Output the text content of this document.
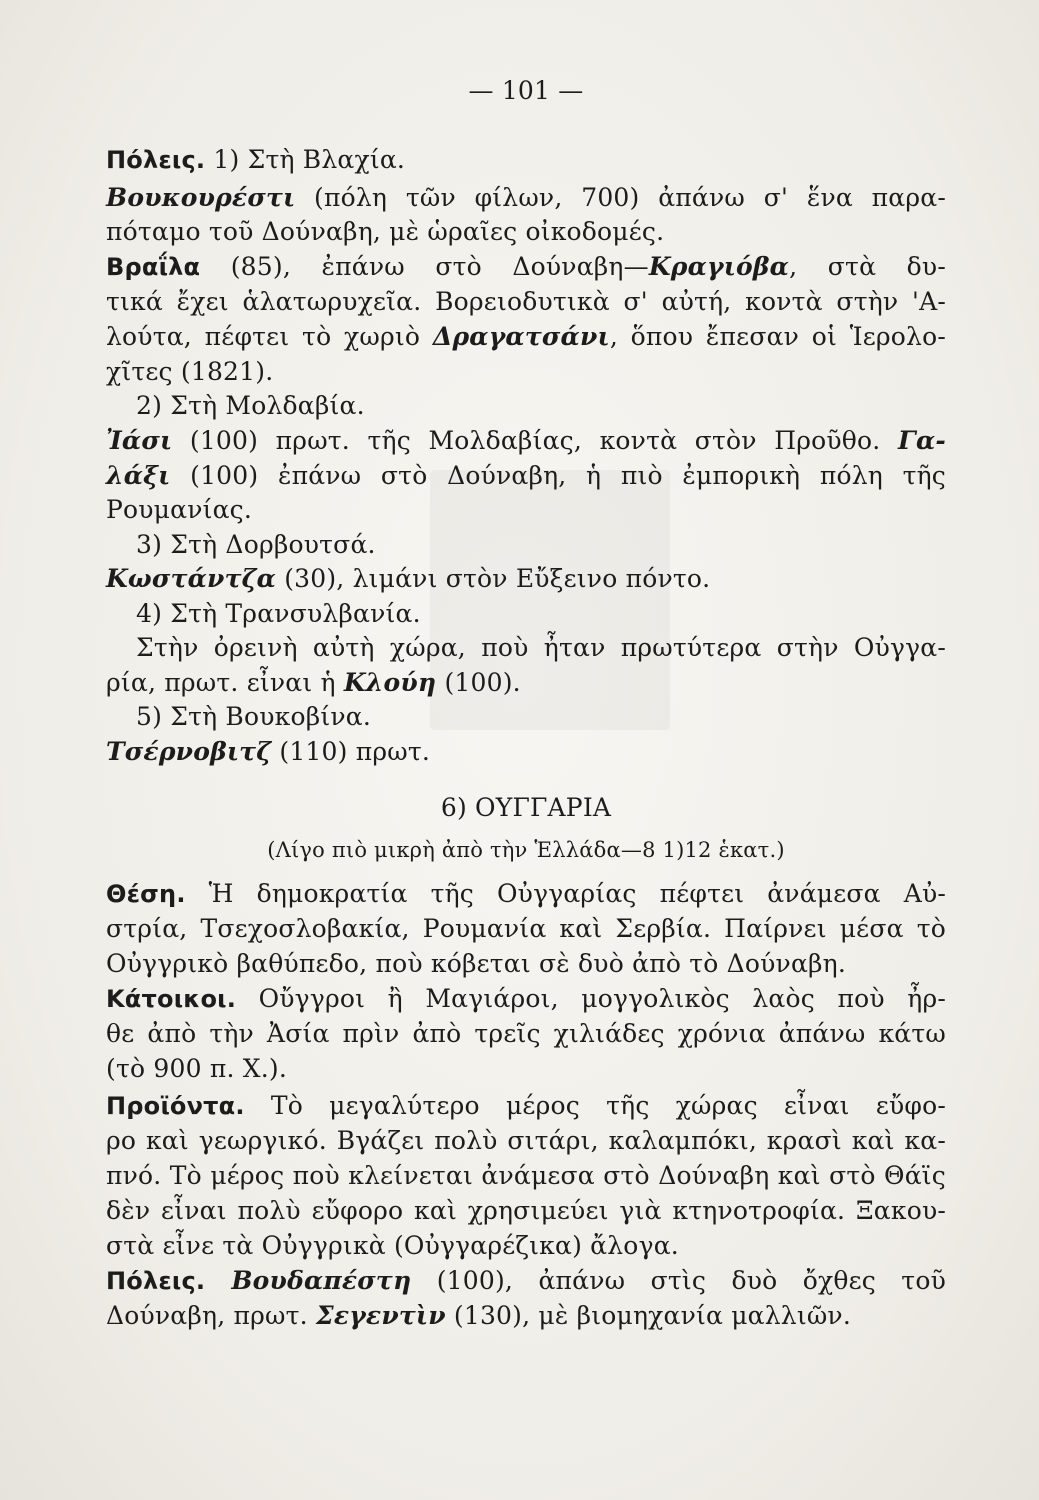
— 101 —
Πόλεις. 1) Στὴ Βλαχία.
Βουκουρέστι (πόλη τῶν φίλων, 700) ἀπάνω σ' ἕνα παρα-
πόταμο τοῦ Δούναβη, μὲ ὡραῖες οἰκοδομές.
Βραΐλα (85), ἐπάνω στὸ Δούναβη—Κραγιόβα, στὰ δυ-
τικά ἔχει ἁλατωρυχεῖα. Βορειοδυτικὰ σ' αὐτή, κοντὰ στὴν 'Α-
λούτα, πέφτει τὸ χωριὸ Δραγατσάνι, ὅπου ἔπεσαν οἱ Ἱερολο-
χῖτες (1821).
2) Στὴ Μολδαβία.
Ἰάσι (100) πρωτ. τῆς Μολδαβίας, κοντὰ στὸν Προῦθο. Γα-
λάξι (100) ἐπάνω στὸ Δούναβη, ἡ πιὸ ἐμπορικὴ πόλη τῆς
Ρουμανίας.
3) Στὴ Δορβουτσά.
Κωστάντζα (30), λιμάνι στὸν Εὔξεινο πόντο.
4) Στὴ Τρανσυλβανία.
Στὴν ὀρεινὴ αὐτὴ χώρα, ποὺ ἦταν πρωτύτερα στὴν Οὐγγα-
ρία, πρωτ. εἶναι ἡ Κλούη (100).
5) Στὴ Βουκοβίνα.
Τσέρνοβιτζ (110) πρωτ.
6) ΟΥΓΓΑΡΙΑ
(Λίγο πιὸ μικρὴ ἀπὸ τὴν Ἑλλάδα—8 1)12 ἑκατ.)
Θέση. Ἡ δημοκρατία τῆς Οὐγγαρίας πέφτει ἀνάμεσα Αὐ-
στρία, Τσεχοσλοβακία, Ρουμανία καὶ Σερβία. Παίρνει μέσα τὸ
Οὐγγρικὸ βαθύπεδο, ποὺ κόβεται σὲ δυὸ ἀπὸ τὸ Δούναβη.
Κάτοικοι. Οὔγγροι ἢ Μαγιάροι, μογγολικὸς λαὸς ποὺ ἦρ-
θε ἀπὸ τὴν Ἀσία πρὶν ἀπὸ τρεῖς χιλιάδες χρόνια ἀπάνω κάτω
(τὸ 900 π. Χ.).
Προϊόντα. Τὸ μεγαλύτερο μέρος τῆς χώρας εἶναι εὔφο-
ρο καὶ γεωργικό. Βγάζει πολὺ σιτάρι, καλαμπόκι, κρασὶ καὶ κα-
πνό. Τὸ μέρος ποὺ κλείνεται ἀνάμεσα στὸ Δούναβη καὶ στὸ Θάϊς
δὲν εἶναι πολὺ εὔφορο καὶ χρησιμεύει γιὰ κτηνοτροφία. Ξακου-
στὰ εἶνε τὰ Οὐγγρικὰ (Οὐγγαρέζικα) ἄλογα.
Πόλεις. Βουδαπέστη (100), ἀπάνω στὶς δυὸ ὄχθες τοῦ
Δούναβη, πρωτ. Σεγεντὶν (130), μὲ βιομηχανία μαλλιῶν.
